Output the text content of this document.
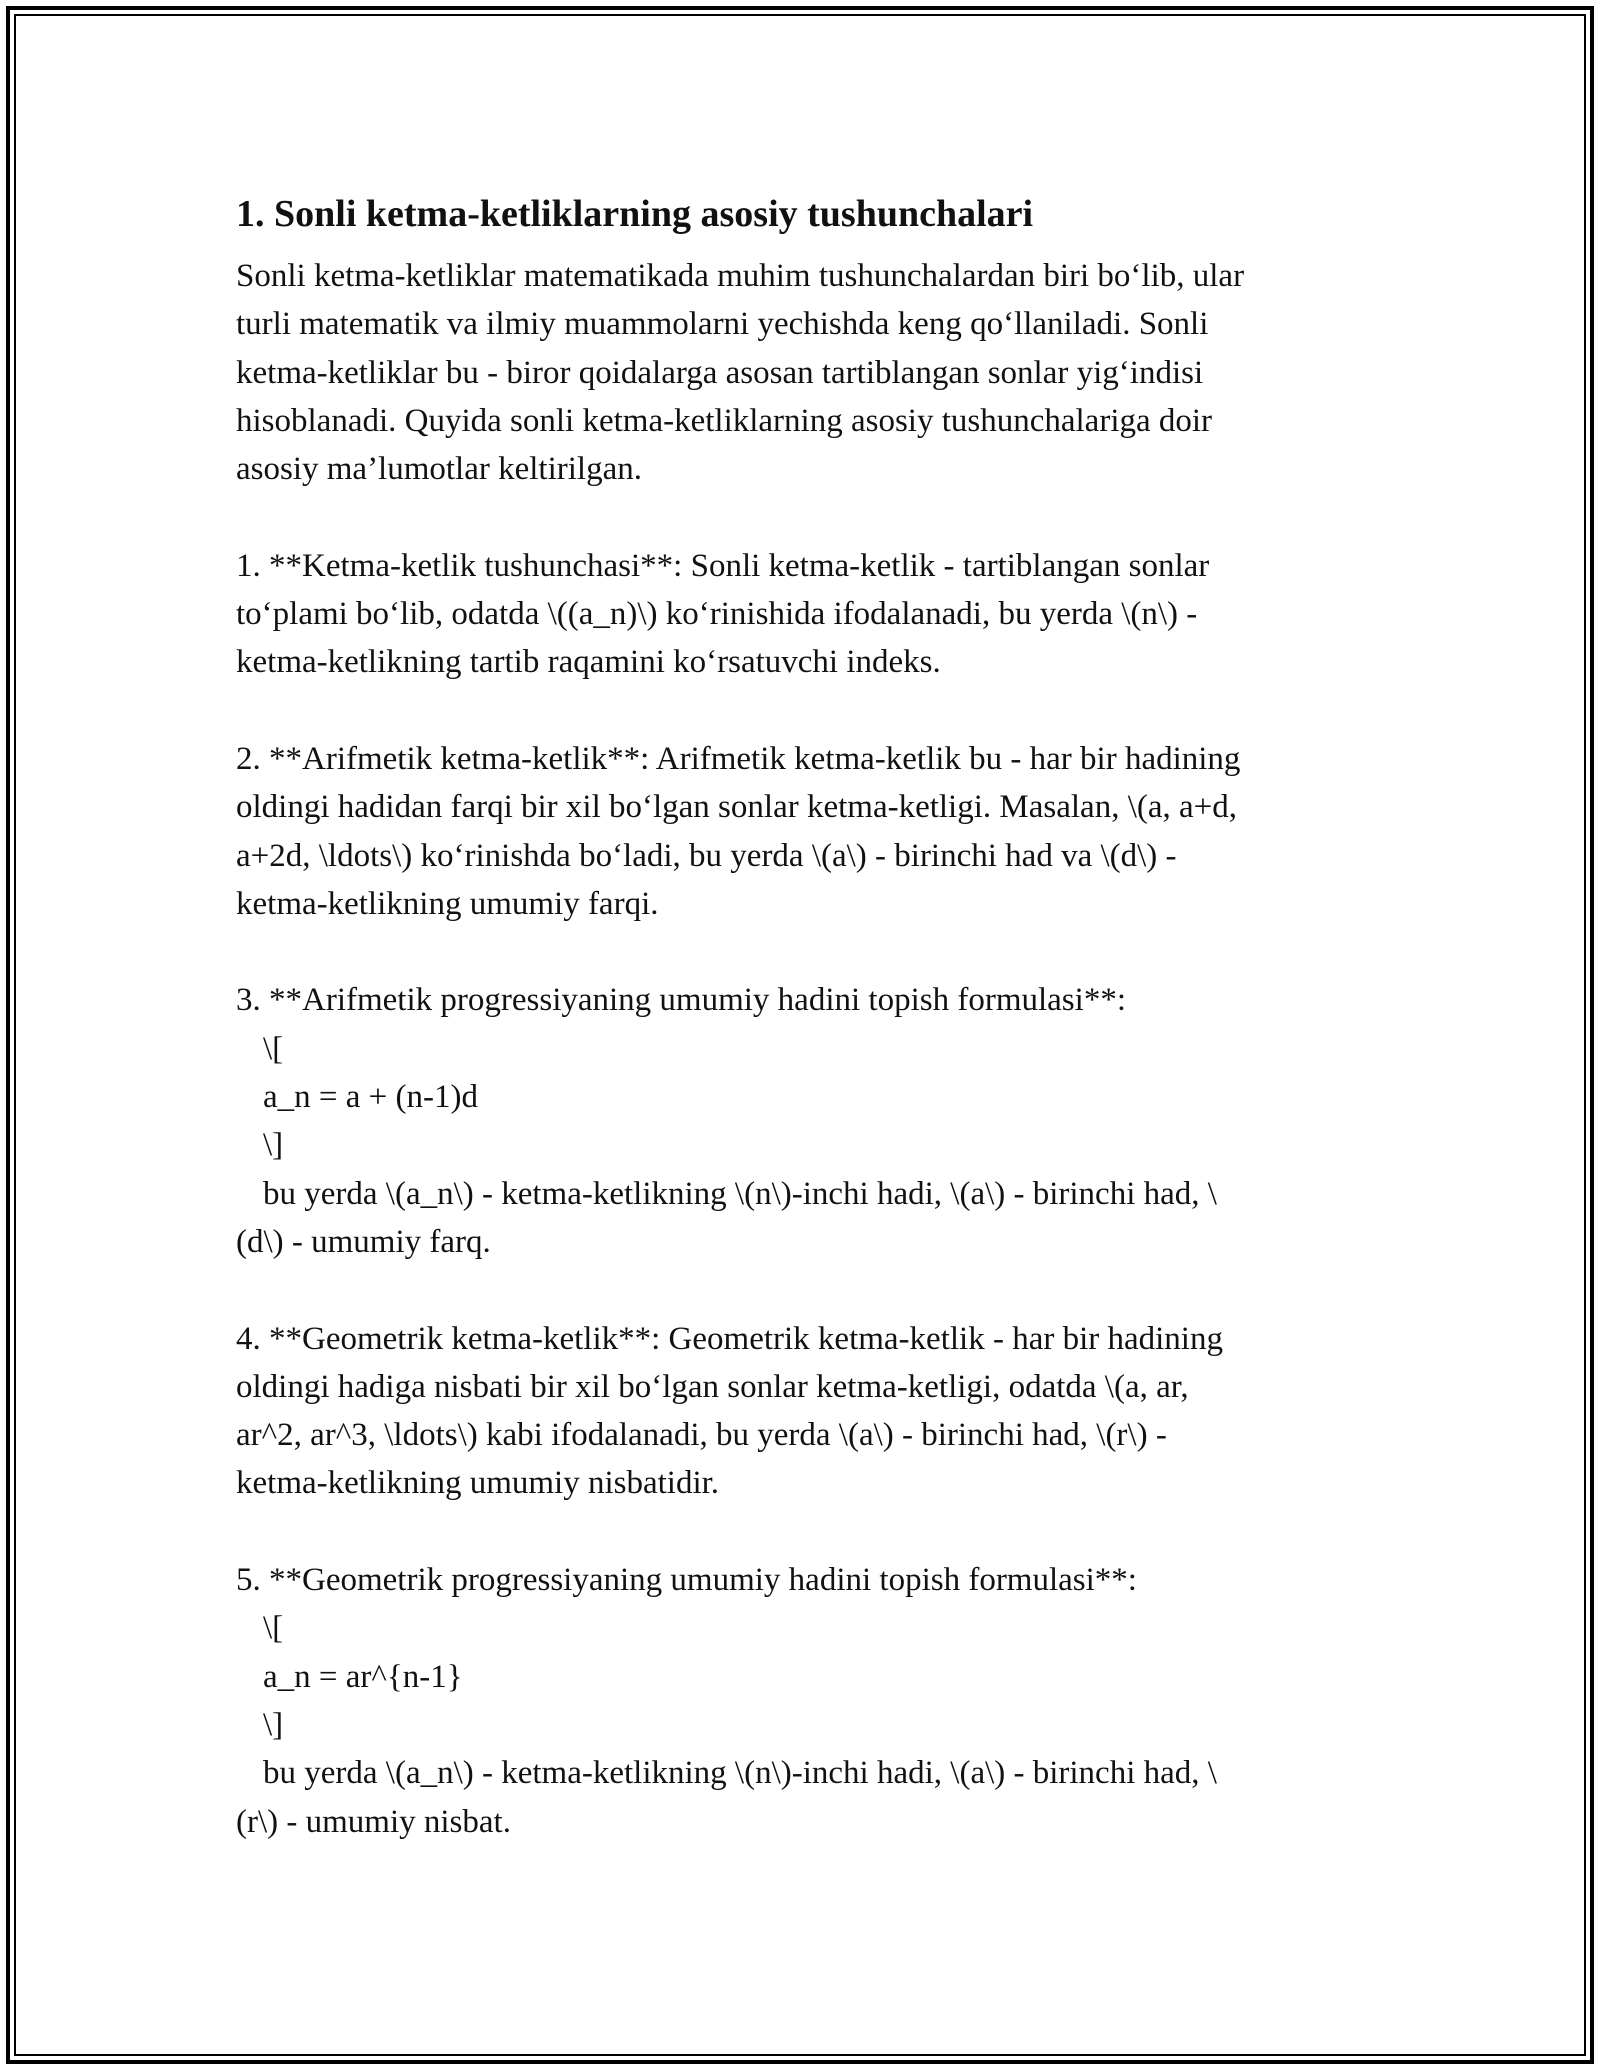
1. Sonli ketma-ketliklarning asosiy tushunchalari

Sonli ketma-ketliklar matematikada muhim tushunchalardan biri bo‘lib, ular

turli matematik va ilmiy muammolarni yechishda keng qo‘llaniladi. Sonli

ketma-ketliklar bu - biror qoidalarga asosan tartiblangan sonlar yig‘indisi

hisoblanadi. Quyida sonli ketma-ketliklarning asosiy tushunchalariga doir

asosiy ma’lumotlar keltirilgan.

1. **Ketma-ketlik tushunchasi**: Sonli ketma-ketlik - tartiblangan sonlar

to‘plami bo‘lib, odatda \((a_n)\) ko‘rinishida ifodalanadi, bu yerda \(n\) -

ketma-ketlikning tartib raqamini ko‘rsatuvchi indeks.

2. **Arifmetik ketma-ketlik**: Arifmetik ketma-ketlik bu - har bir hadining

oldingi hadidan farqi bir xil bo‘lgan sonlar ketma-ketligi. Masalan, \(a, a+d,

a+2d, \ldots\) ko‘rinishda bo‘ladi, bu yerda \(a\) - birinchi had va \(d\) -

ketma-ketlikning umumiy farqi.

3. **Arifmetik progressiyaning umumiy hadini topish formulasi**:

\[

a_n = a + (n-1)d

\]

bu yerda \(a_n\) - ketma-ketlikning \(n\)-inchi hadi, \(a\) - birinchi had, \

(d\) - umumiy farq.

4. **Geometrik ketma-ketlik**: Geometrik ketma-ketlik - har bir hadining

oldingi hadiga nisbati bir xil bo‘lgan sonlar ketma-ketligi, odatda \(a, ar,

ar^2, ar^3, \ldots\) kabi ifodalanadi, bu yerda \(a\) - birinchi had, \(r\) -

ketma-ketlikning umumiy nisbatidir.

5. **Geometrik progressiyaning umumiy hadini topish formulasi**:

\[

a_n = ar^{n-1}

\]

bu yerda \(a_n\) - ketma-ketlikning \(n\)-inchi hadi, \(a\) - birinchi had, \

(r\) - umumiy nisbat.
